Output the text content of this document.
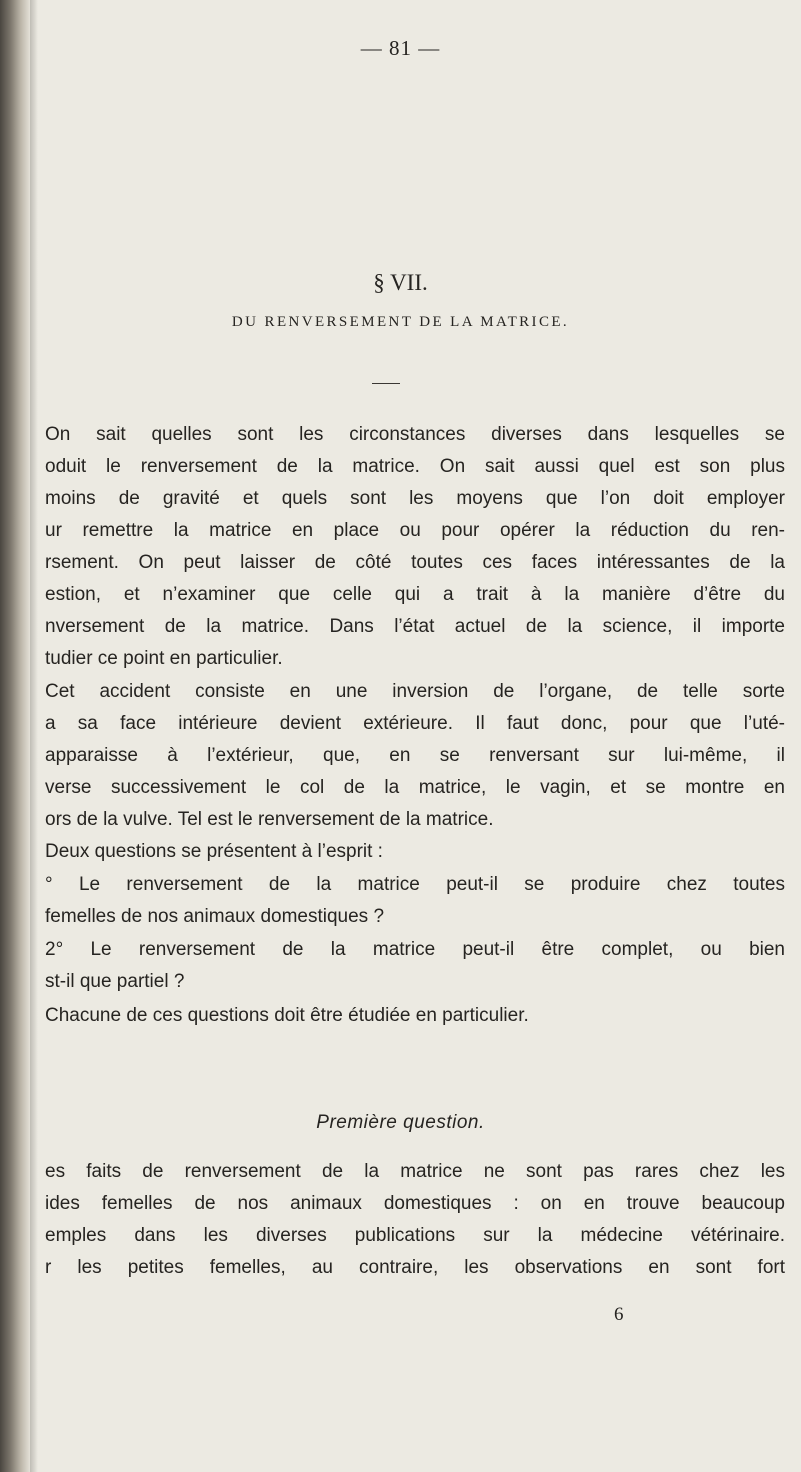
— 81 —
§ VII.
DU RENVERSEMENT DE LA MATRICE.
On sait quelles sont les circonstances diverses dans lesquelles se
oduit le renversement de la matrice. On sait aussi quel est son plus
moins de gravité et quels sont les moyens que l’on doit employer
ur remettre la matrice en place ou pour opérer la réduction du ren-
rsement. On peut laisser de côté toutes ces faces intéressantes de la
estion, et n’examiner que celle qui a trait à la manière d’être du
nversement de la matrice. Dans l’état actuel de la science, il importe
tudier ce point en particulier.
Cet accident consiste en une inversion de l’organe, de telle sorte
a sa face intérieure devient extérieure. Il faut donc, pour que l’uté-
apparaisse à l’extérieur, que, en se renversant sur lui-même, il
verse successivement le col de la matrice, le vagin, et se montre en
ors de la vulve. Tel est le renversement de la matrice.
Deux questions se présentent à l’esprit :
° Le renversement de la matrice peut-il se produire chez toutes
femelles de nos animaux domestiques ?
2° Le renversement de la matrice peut-il être complet, ou bien
st-il que partiel ?
Chacune de ces questions doit être étudiée en particulier.
Première question.
es faits de renversement de la matrice ne sont pas rares chez les
ides femelles de nos animaux domestiques : on en trouve beaucoup
emples dans les diverses publications sur la médecine vétérinaire.
r les petites femelles, au contraire, les observations en sont fort
6
